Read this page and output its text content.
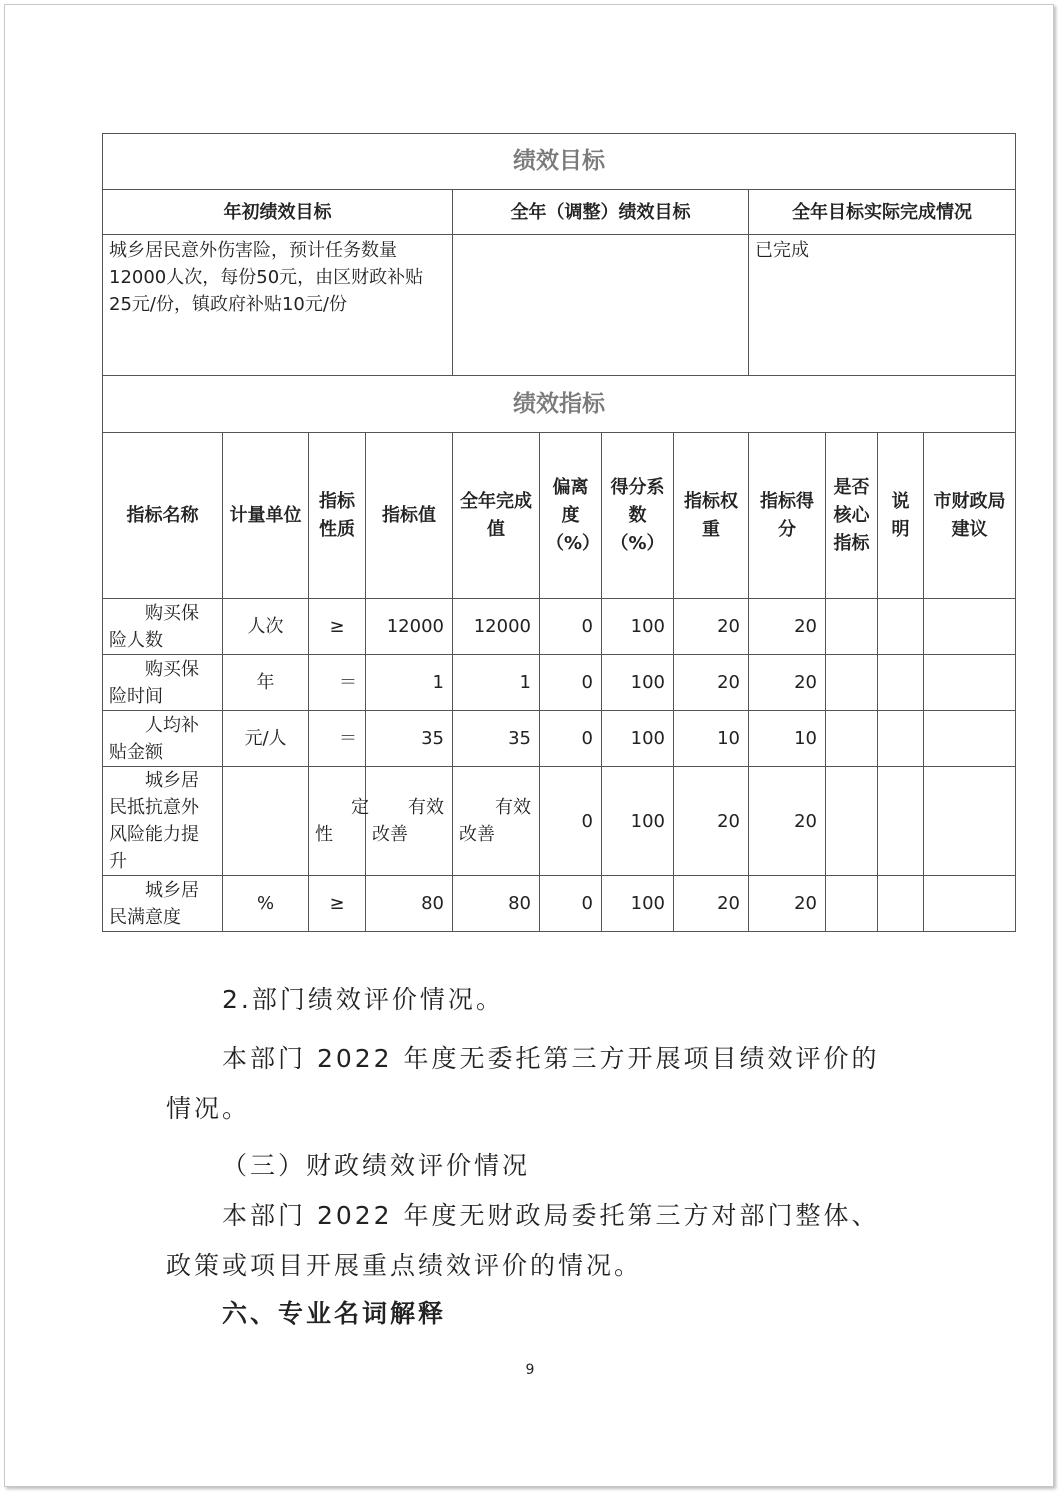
绩效目标											
年初绩效目标				全年（调整）绩效目标				全年目标实际完成情况			
城乡居民意外伤害险，预计任务数量12000人次，每份50元，由区财政补贴25元/份，镇政府补贴10元/份								已完成			
绩效指标											
指标名称	计量单位	指标性质	指标值	全年完成值	偏离度（%）	得分系数（%）	指标权重	指标得分	是否核心指标	说明	市财政局建议
购买保险人数	人次	≥	12000	12000	0	100	20	20			
购买保险时间	年	＝	1	1	0	100	20	20			
人均补贴金额	元/人	＝	35	35	0	100	10	10			
城乡居民抵抗意外风险能力提升		定性	有效改善	有效改善	0	100	20	20			
城乡居民满意度	%	≥	80	80	0	100	20	20			
2.部门绩效评价情况。
本部门 2022 年度无委托第三方开展项目绩效评价的情况。
（三）财政绩效评价情况
本部门 2022 年度无财政局委托第三方对部门整体、政策或项目开展重点绩效评价的情况。
六、专业名词解释
9
